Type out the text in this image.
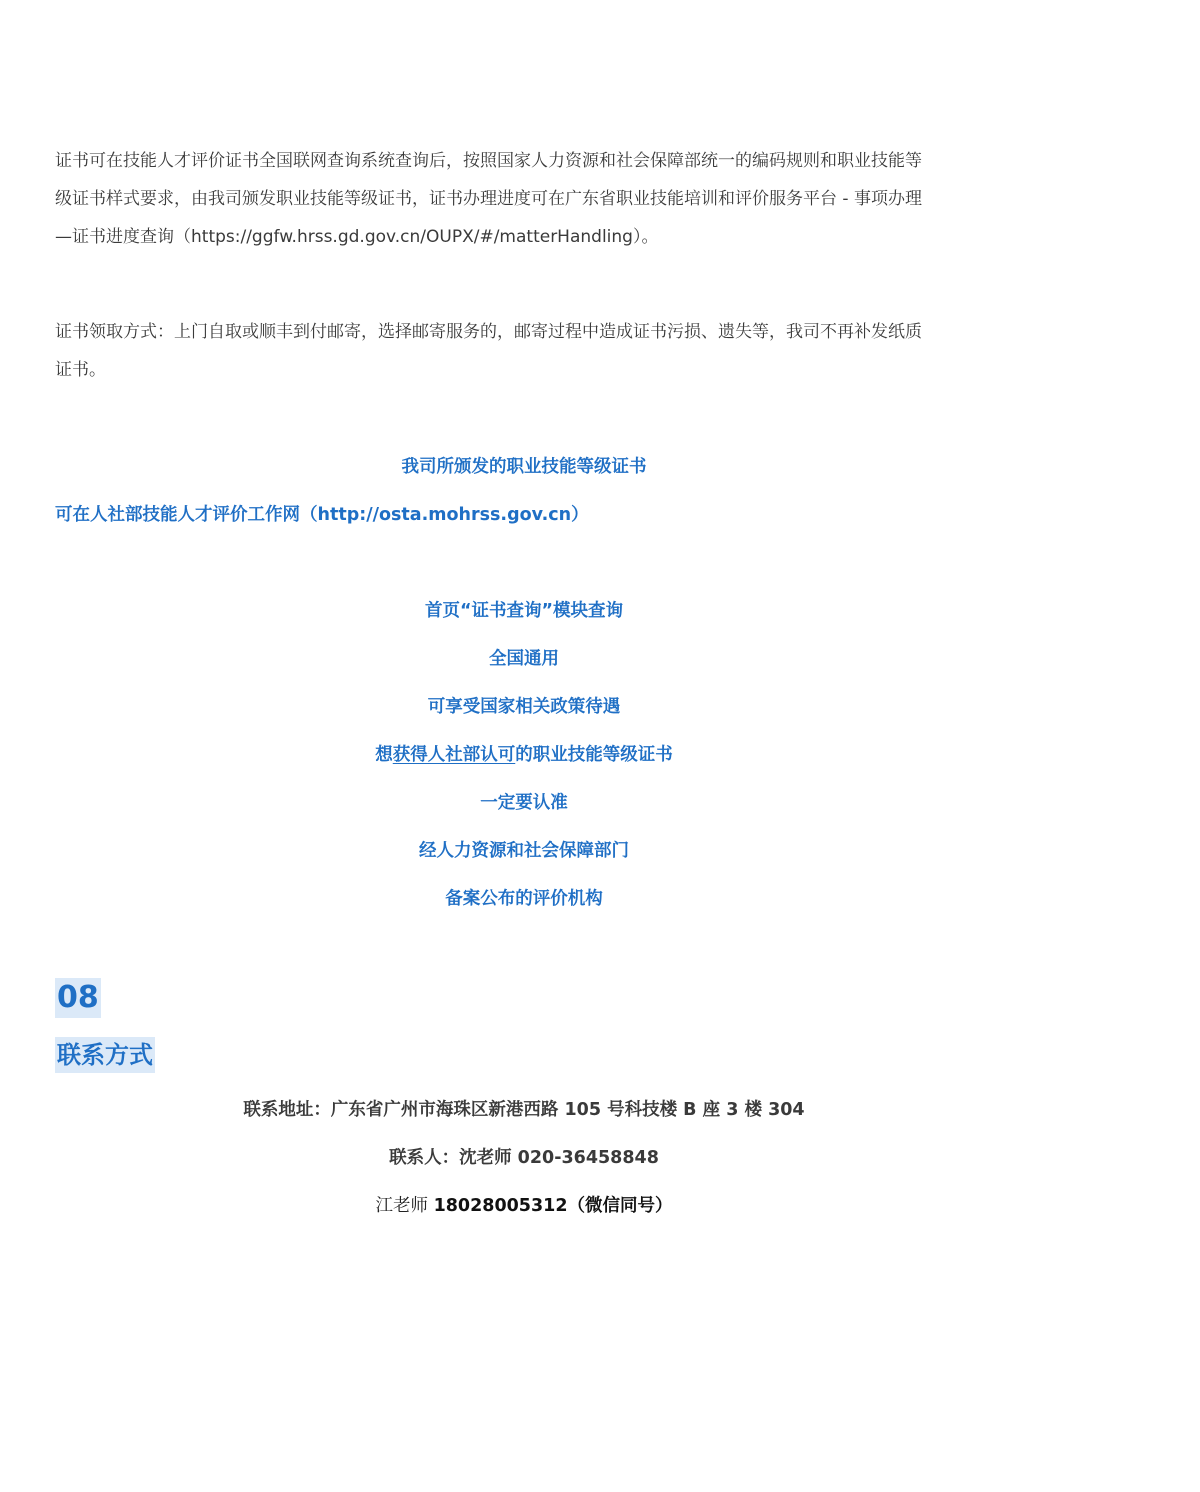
证书可在技能人才评价证书全国联网查询系统查询后，按照国家人力资源和社会保障部统一的编码规则和职业技能等
级证书样式要求，由我司颁发职业技能等级证书，证书办理进度可在广东省职业技能培训和评价服务平台 - 事项办理
—证书进度查询（https://ggfw.hrss.gd.gov.cn/OUPX/#/matterHandling）。
证书领取方式：上门自取或顺丰到付邮寄，选择邮寄服务的，邮寄过程中造成证书污损、遗失等，我司不再补发纸质
证书。

我司所颁发的职业技能等级证书

可在人社部技能人才评价工作网（http://osta.mohrss.gov.cn）

首页“证书查询”模块查询

全国通用

可享受国家相关政策待遇

想获得人社部认可的职业技能等级证书

一定要认准

经人力资源和社会保障部门

备案公布的评价机构

08

联系方式

联系地址：广东省广州市海珠区新港西路 105 号科技楼 B 座 3 楼 304

联系人：沈老师 020-36458848

江老师 18028005312（微信同号）
